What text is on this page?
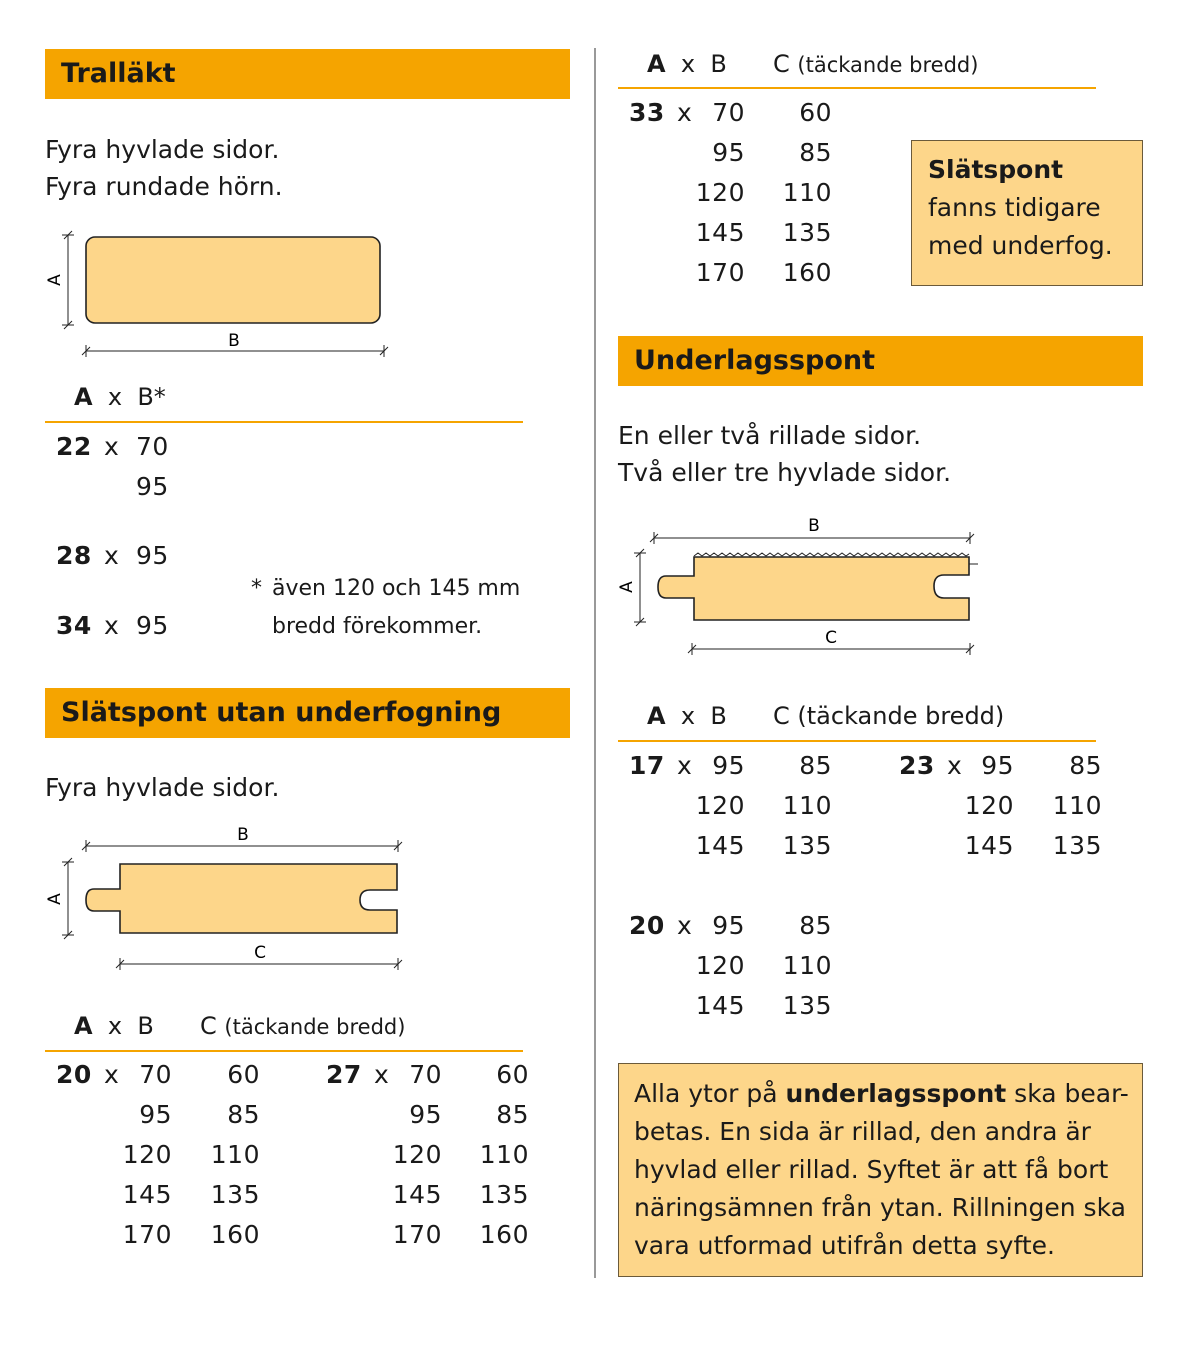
Tralläkt
Fyra hyvlade sidor.
Fyra rundade hörn.
A
B
A x B*
22 x 70
95
28 x 95
34 x 95
* även 120 och 145 mm
bredd förekommer.
Slätspont utan underfogning
Fyra hyvlade sidor.
B
A
C
A x B C (täckande bredd)
20 x 70
95
120
145
170
60
85
110
135
160
27 x 70
95
120
145
170
60
85
110
135
160
A x B C (täckande bredd)
33 x 70
95
120
145
170
60
85
110
135
160
Slätspont
fanns tidigare
med underfog.
Underlagsspont
En eller två rillade sidor.
Två eller tre hyvlade sidor.
B
A
C
A x B C (täckande bredd)
17 x 95
120
145
85
110
135
23 x 95
120
145
85
110
135
20 x 95
120
145
85
110
135
Alla ytor på underlagsspont ska bear-
betas. En sida är rillad, den andra är
hyvlad eller rillad. Syftet är att få bort
näringsämnen från ytan. Rillningen ska
vara utformad utifrån detta syfte.
